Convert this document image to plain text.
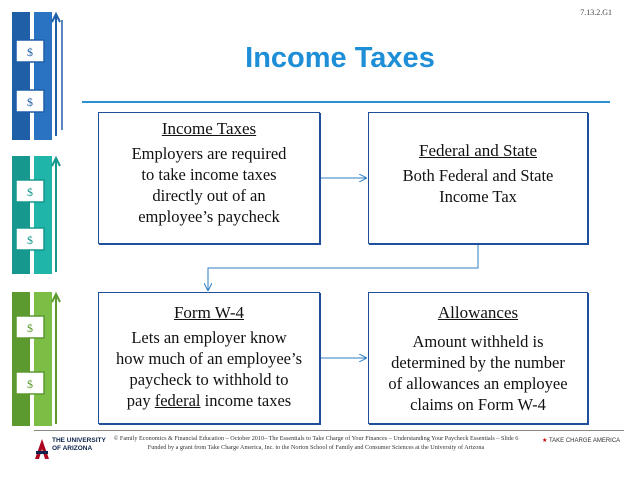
7.13.2.G1
$
$
$
$
$
$
Income Taxes
Income Taxes
Employers are required
to take income taxes
directly out of an
employee’s paycheck
Federal and State
Both Federal and State
Income Tax
Form W-4
Lets an employer know
how much of an employee’s
paycheck to withhold to
pay federal income taxes
Allowances
Amount withheld is
determined by the number
of allowances an employee
claims on Form W-4
THE UNIVERSITY
OF ARIZONA
© Family Economics & Financial Education – October 2010– The Essentials to Take Charge of Your Finances – Understanding Your Paycheck Essentials – Slide 6
Funded by a grant from Take Charge America, Inc. to the Norton School of Family and Consumer Sciences at the University of Arizona
★ TAKE CHARGE AMERICA
